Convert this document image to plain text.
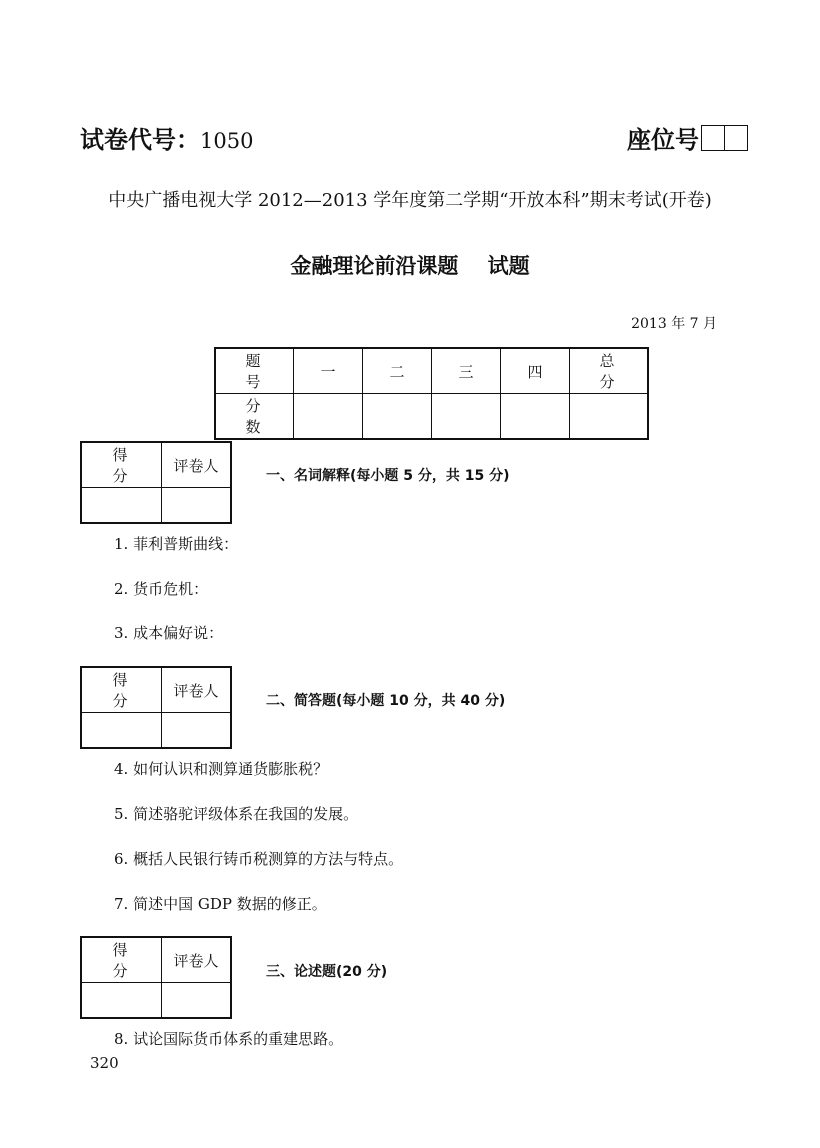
试卷代号：1050	座位号
中央广播电视大学 2012—2013 学年度第二学期“开放本科”期末考试(开卷)
金融理论前沿课题    试题
2013 年 7 月
题 号	一	二	三	四	总 分
分 数					
得 分	评卷人

一、名词解释(每小题 5 分，共 15 分)
1. 菲利普斯曲线：
2. 货币危机：
3. 成本偏好说：
得 分	评卷人

二、简答题(每小题 10 分，共 40 分)
4. 如何认识和测算通货膨胀税？
5. 简述骆驼评级体系在我国的发展。
6. 概括人民银行铸币税测算的方法与特点。
7. 简述中国 GDP 数据的修正。
得 分	评卷人

三、论述题(20 分)
8. 试论国际货币体系的重建思路。
320
